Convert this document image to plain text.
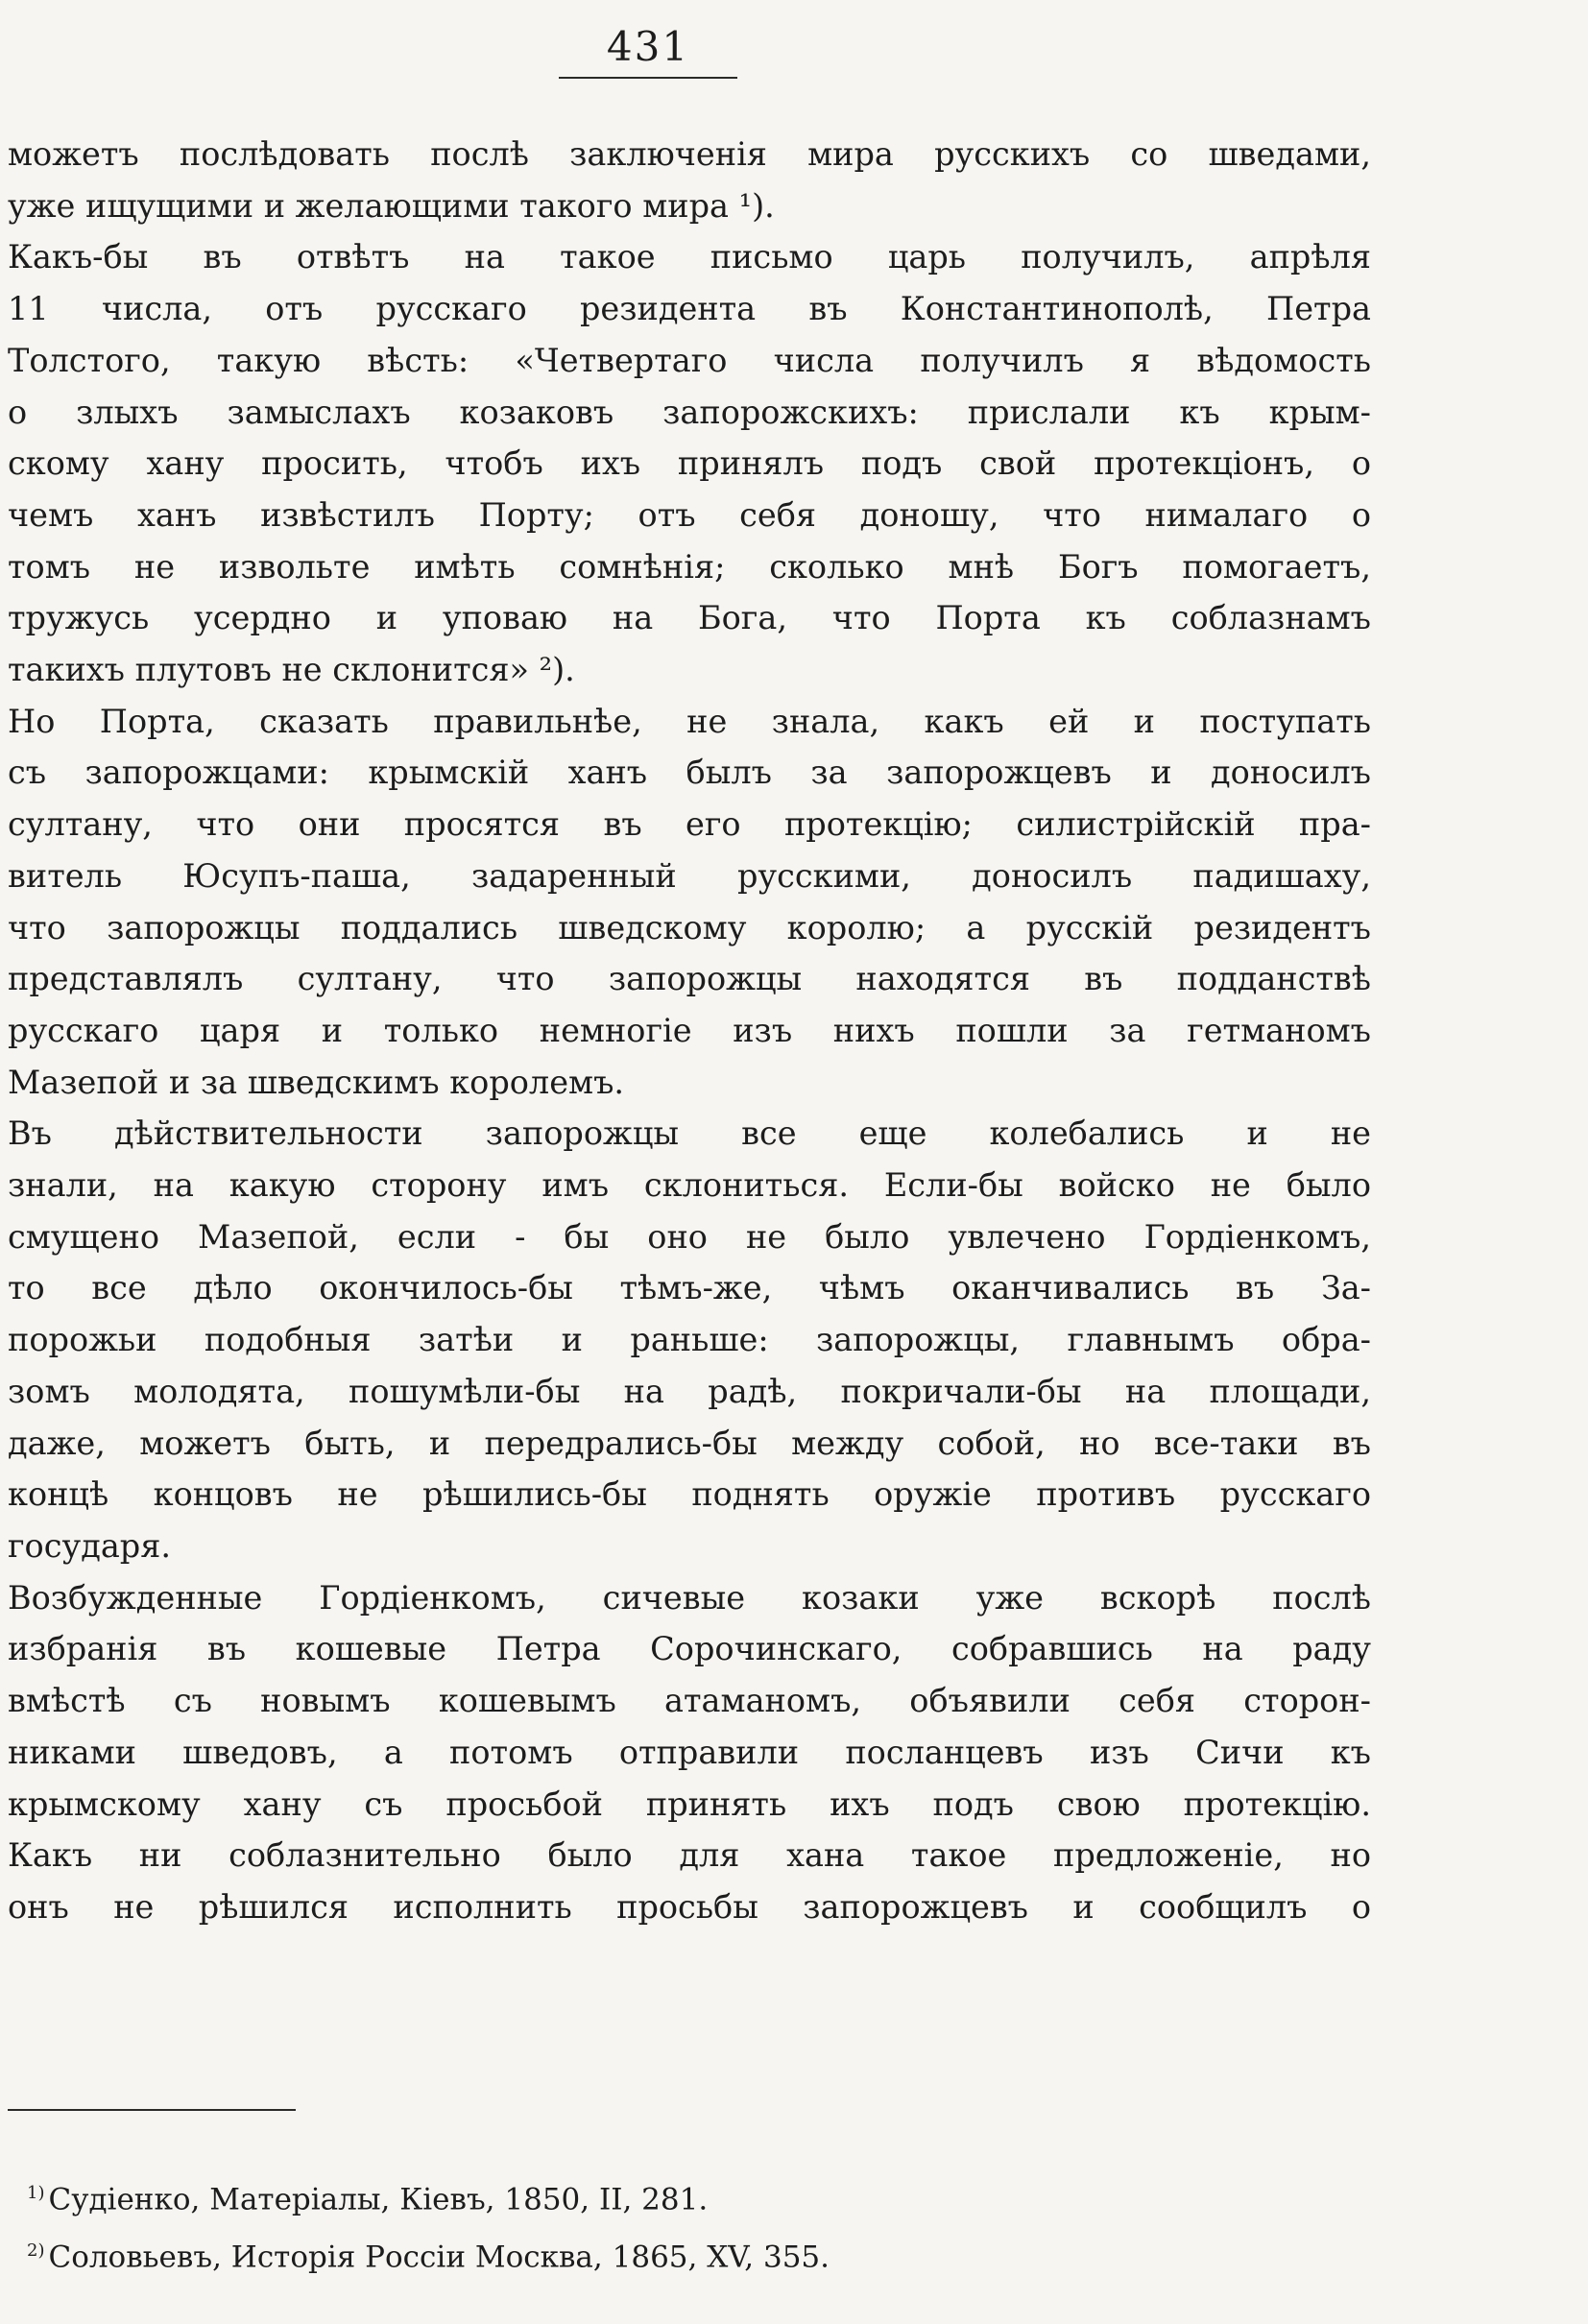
431
можетъ послѣдовать послѣ заключенія мира русскихъ со шведами,
уже ищущими и желающими такого мира ¹).
Какъ-бы въ отвѣтъ на такое письмо царь получилъ, апрѣля
11 числа, отъ русскаго резидента въ Константинополѣ, Петра
Толстого, такую вѣсть: «Четвертаго числа получилъ я вѣдомость
о злыхъ замыслахъ козаковъ запорожскихъ: прислали къ крым-
скому хану просить, чтобъ ихъ принялъ подъ свой протекціонъ, о
чемъ ханъ извѣстилъ Порту; отъ себя доношу, что нималаго о
томъ не извольте имѣть сомнѣнія; сколько мнѣ Богъ помогаетъ,
тружусь усердно и уповаю на Бога, что Порта къ соблазнамъ
такихъ плутовъ не склонится» ²).
Но Порта, сказать правильнѣе, не знала, какъ ей и поступать
съ запорожцами: крымскій ханъ былъ за запорожцевъ и доносилъ
султану, что они просятся въ его протекцію; силистрійскій пра-
витель Юсупъ-паша, задаренный русскими, доносилъ падишаху,
что запорожцы поддались шведскому королю; а русскій резидентъ
представлялъ султану, что запорожцы находятся въ подданствѣ
русскаго царя и только немногіе изъ нихъ пошли за гетманомъ
Мазепой и за шведскимъ королемъ.
Въ дѣйствительности запорожцы все еще колебались и не
знали, на какую сторону имъ склониться. Если-бы войско не было
смущено Мазепой, если - бы оно не было увлечено Гордіенкомъ,
то все дѣло окончилось-бы тѣмъ-же, чѣмъ оканчивались въ За-
порожьи подобныя затѣи и раньше: запорожцы, главнымъ обра-
зомъ молодята, пошумѣли-бы на радѣ, покричали-бы на площади,
даже, можетъ быть, и передрались-бы между собой, но все-таки въ
концѣ концовъ не рѣшились-бы поднять оружіе противъ русскаго
государя.
Возбужденные Гордіенкомъ, сичевые козаки уже вскорѣ послѣ
избранія въ кошевые Петра Сорочинскаго, собравшись на раду
вмѣстѣ съ новымъ кошевымъ атаманомъ, объявили себя сторон-
никами шведовъ, а потомъ отправили посланцевъ изъ Сичи къ
крымскому хану съ просьбой принять ихъ подъ свою протекцію.
Какъ ни соблазнительно было для хана такое предложеніе, но
онъ не рѣшился исполнить просьбы запорожцевъ и сообщилъ о
$^{1)}$ Судіенко, Матеріалы, Кіевъ, 1850, II, 281.
$^{2)}$ Соловьевъ, Исторія Россіи Москва, 1865, XV, 355.
